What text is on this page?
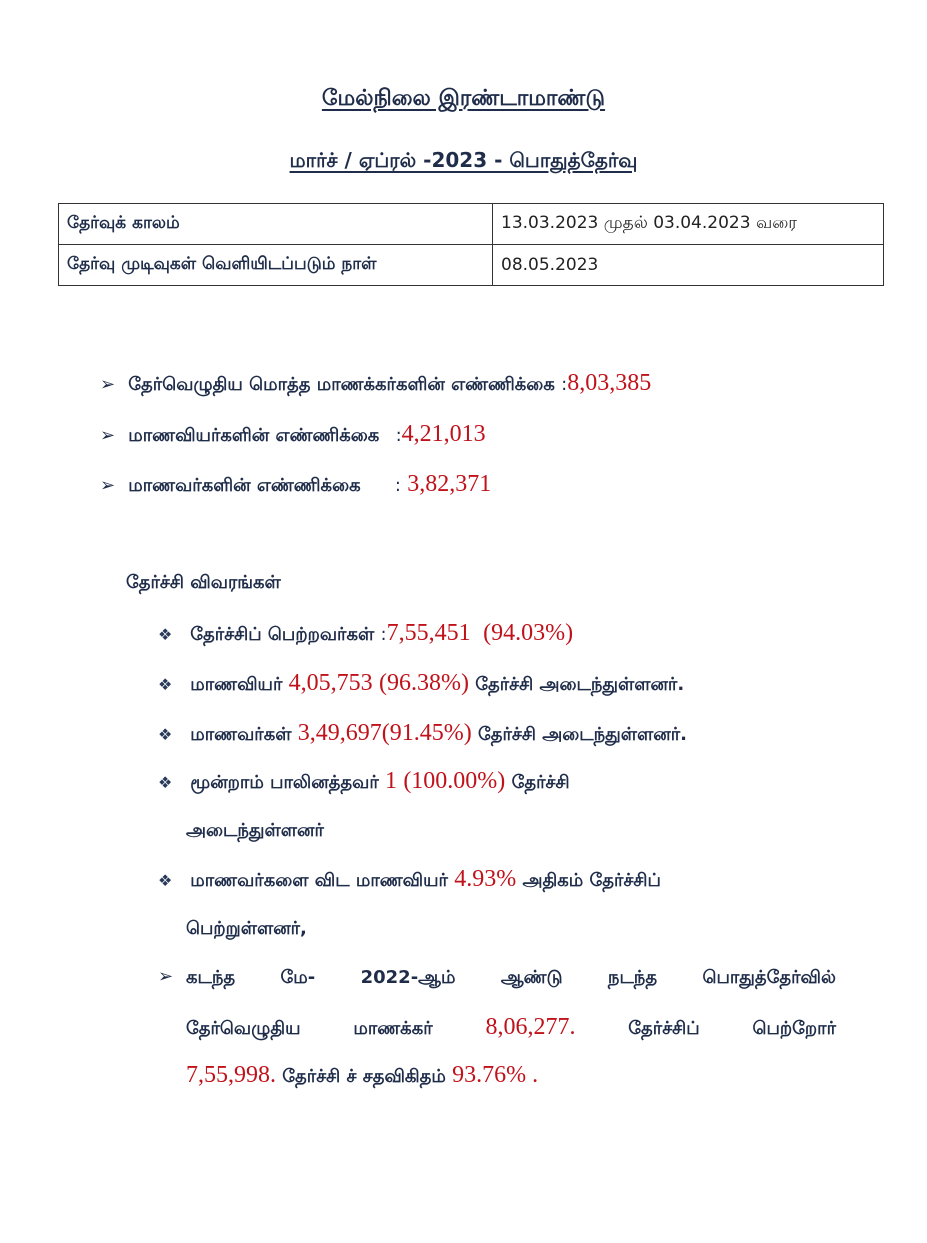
மேல்நிலை இரண்டாமாண்டு
மார்ச் / ஏப்ரல் -2023 - பொதுத்தேர்வு
தேர்வுக் காலம்	13.03.2023 முதல் 03.04.2023 வரை
தேர்வு முடிவுகள் வெளியிடப்படும் நாள்	08.05.2023
➢ தேர்வெழுதிய மொத்த மாணக்கர்களின் எண்ணிக்கை :8,03,385
➢ மாணவியர்களின் எண்ணிக்கை :4,21,013
➢ மாணவர்களின் எண்ணிக்கை : 3,82,371
தேர்ச்சி விவரங்கள்
❖ தேர்ச்சிப் பெற்றவர்கள் :7,55,451 (94.03%)
❖ மாணவியர் 4,05,753 (96.38%) தேர்ச்சி அடைந்துள்ளனர்.
❖ மாணவர்கள் 3,49,697(91.45%) தேர்ச்சி அடைந்துள்ளனர்.
❖ மூன்றாம் பாலினத்தவர் 1 (100.00%) தேர்ச்சி
அடைந்துள்ளனர்
❖ மாணவர்களை விட மாணவியர் 4.93% அதிகம் தேர்ச்சிப்
பெற்றுள்ளனர்,
➢ கடந்த	மே-	2022-ஆம்	ஆண்டு	நடந்த	பொதுத்தேர்வில்
தேர்வெழுதிய	மாணக்கர் 8,06,277.	தேர்ச்சிப்	பெற்றோர்
7,55,998. தேர்ச்சி ச் சதவிகிதம் 93.76% .
